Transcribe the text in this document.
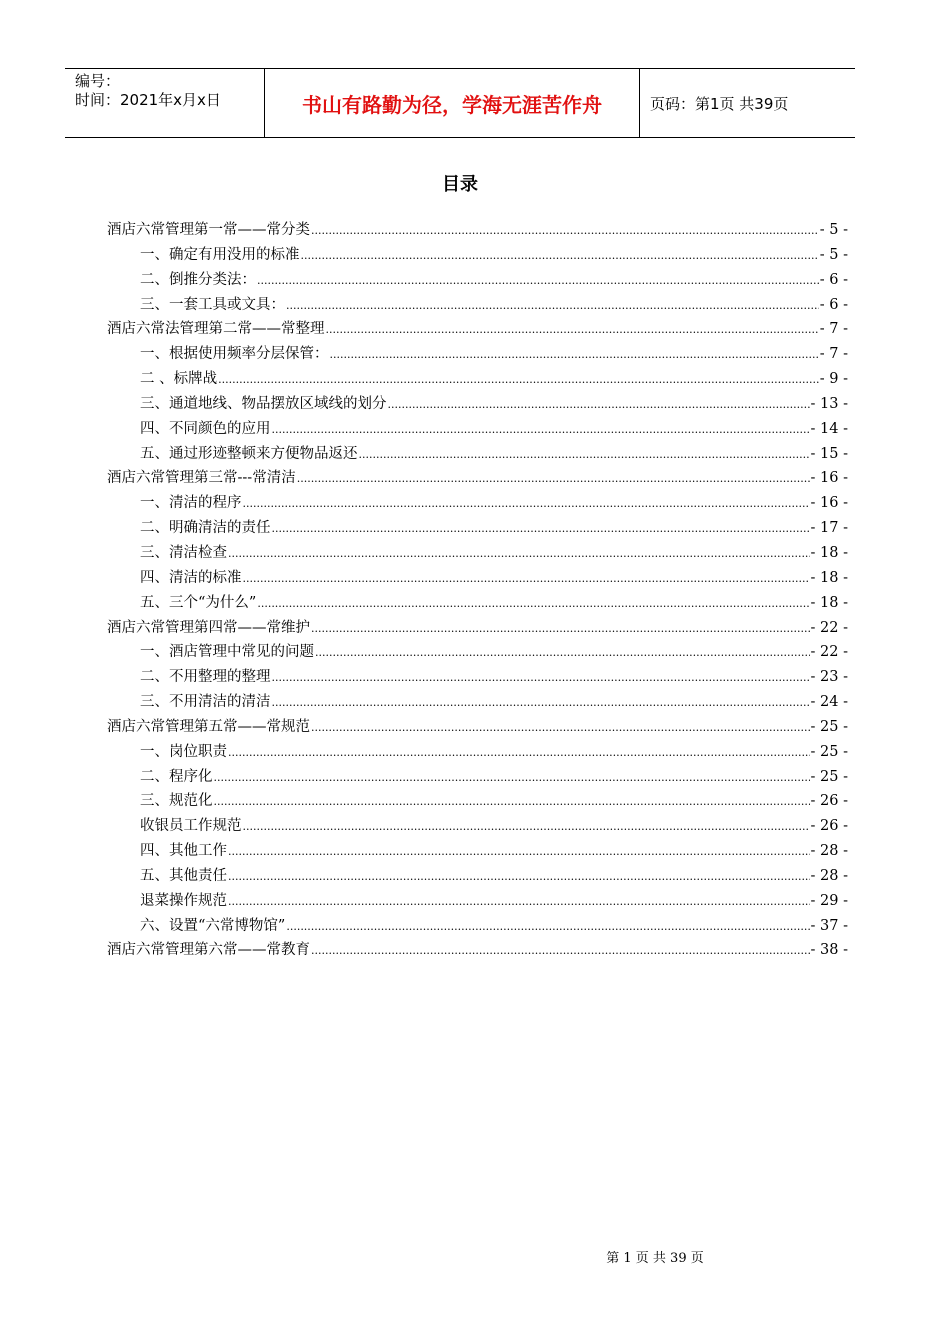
编号：
时间：2021年x月x日	书山有路勤为径，学海无涯苦作舟	页码：第1页 共39页
目录
酒店六常管理第一常——常分类 .....	- 5 -
一、确定有用没用的标准 .....	- 5 -
二、倒推分类法： .....	- 6 -
三、一套工具或文具： .....	- 6 -
酒店六常法管理第二常——常整理 .....	- 7 -
一、根据使用频率分层保管： .....	- 7 -
二 、标牌战 .....	- 9 -
三、通道地线、物品摆放区域线的划分 .....	- 13 -
四、不同颜色的应用 .....	- 14 -
五、通过形迹整顿来方便物品返还 .....	- 15 -
酒店六常管理第三常---常清洁 .....	- 16 -
一、清洁的程序 .....	- 16 -
二、明确清洁的责任 .....	- 17 -
三、清洁检查 .....	- 18 -
四、清洁的标准 .....	- 18 -
五、三个“为什么” .....	- 18 -
酒店六常管理第四常——常维护 .....	- 22 -
一、酒店管理中常见的问题 .....	- 22 -
二、不用整理的整理 .....	- 23 -
三、不用清洁的清洁 .....	- 24 -
酒店六常管理第五常——常规范 .....	- 25 -
一、岗位职责 .....	- 25 -
二、程序化 .....	- 25 -
三、规范化 .....	- 26 -
收银员工作规范 .....	- 26 -
四、其他工作 .....	- 28 -
五、其他责任 .....	- 28 -
退菜操作规范 .....	- 29 -
六、设置“六常博物馆” .....	- 37 -
酒店六常管理第六常——常教育 .....	- 38 -
第 1 页 共 39 页
